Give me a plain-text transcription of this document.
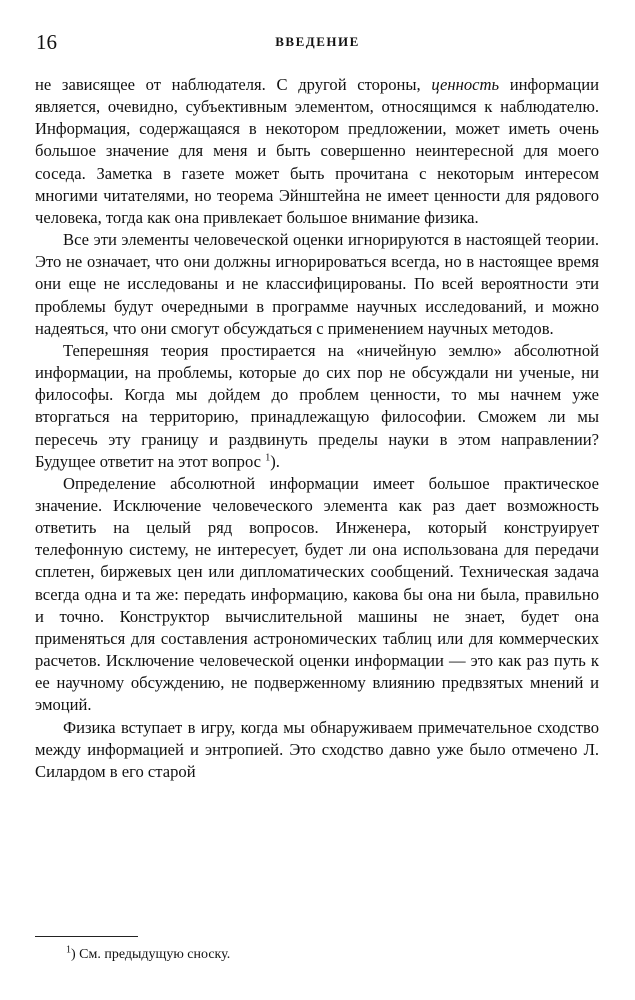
16	ВВЕДЕНИЕ

не зависящее от наблюдателя. С другой стороны, ценность информации является, очевидно, субъективным элементом, относящимся к наблюдателю. Информация, содержащаяся в некотором предложении, может иметь очень большое значение для меня и быть совершенно неинтересной для моего соседа. Заметка в газете может быть прочитана с некоторым интересом многими читателями, но теорема Эйнштейна не имеет ценности для рядового человека, тогда как она привлекает большое внимание физика.

Все эти элементы человеческой оценки игнорируются в настоящей теории. Это не означает, что они должны игнорироваться всегда, но в настоящее время они еще не исследованы и не классифицированы. По всей вероятности эти проблемы будут очередными в программе научных исследований, и можно надеяться, что они смогут обсуждаться с применением научных методов.

Теперешняя теория простирается на «ничейную землю» абсолютной информации, на проблемы, которые до сих пор не обсуждали ни ученые, ни философы. Когда мы дойдем до проблем ценности, то мы начнем уже вторгаться на территорию, принадлежащую философии. Сможем ли мы пересечь эту границу и раздвинуть пределы науки в этом направлении? Будущее ответит на этот вопрос $^1$).

Определение абсолютной информации имеет большое практическое значение. Исключение человеческого элемента как раз дает возможность ответить на целый ряд вопросов. Инженера, который конструирует телефонную систему, не интересует, будет ли она использована для передачи сплетен, биржевых цен или дипломатических сообщений. Техническая задача всегда одна и та же: передать информацию, какова бы она ни была, правильно и точно. Конструктор вычислительной машины не знает, будет она применяться для составления астрономических таблиц или для коммерческих расчетов. Исключение человеческой оценки информации — это как раз путь к ее научному обсуждению, не подверженному влиянию предвзятых мнений и эмоций.

Физика вступает в игру, когда мы обнаруживаем примечательное сходство между информацией и энтропией. Это сходство давно уже было отмечено Л. Силардом в его старой

$^1$) См. предыдущую сноску.
